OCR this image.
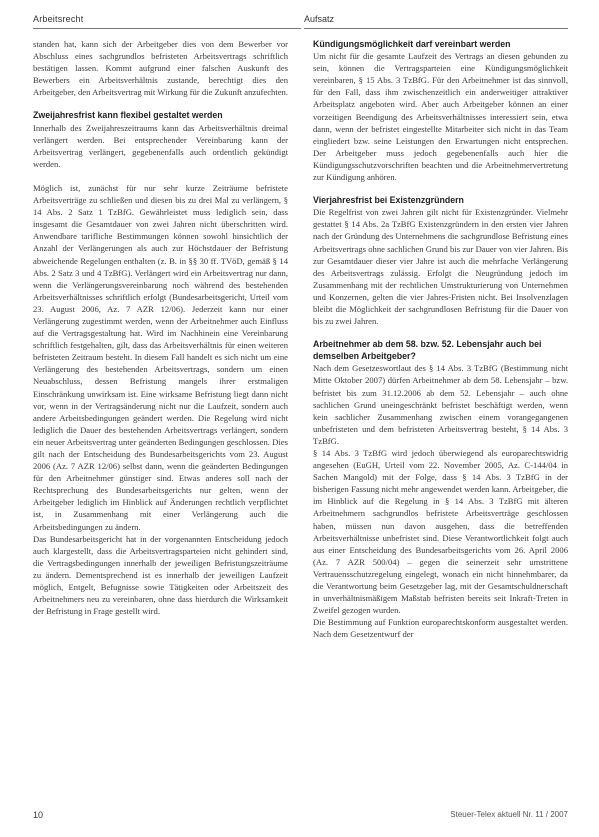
Arbeitsrecht	Aufsatz

standen hat, kann sich der Arbeitgeber dies von dem Bewerber vor Abschluss eines sachgrundlos befristeten Arbeitsvertrags schriftlich bestätigen lassen. Kommt aufgrund einer falschen Auskunft des Bewerbers ein Arbeitsverhältnis zustande, berechtigt dies den Arbeitgeber, den Arbeitsvertrag mit Wirkung für die Zukunft anzufechten.

Zweijahresfrist kann flexibel gestaltet werden

Innerhalb des Zweijahreszeitraums kann das Arbeitsverhältnis dreimal verlängert werden. Bei entsprechender Vereinbarung kann der Arbeitsvertrag verlängert, gegebenenfalls auch ordentlich gekündigt werden.

Möglich ist, zunächst für nur sehr kurze Zeiträume befristete Arbeitsverträge zu schließen und diesen bis zu drei Mal zu verlängern, § 14 Abs. 2 Satz 1 TzBfG. Gewährleistet muss lediglich sein, dass insgesamt die Gesamtdauer von zwei Jahren nicht überschritten wird. Anwendbare tarifliche Bestimmungen können sowohl hinsichtlich der Anzahl der Verlängerungen als auch zur Höchstdauer der Befristung abweichende Regelungen enthalten (z. B. in §§ 30 ff. TVöD, gemäß § 14 Abs. 2 Satz 3 und 4 TzBfG). Verlängert wird ein Arbeitsvertrag nur dann, wenn die Verlängerungsvereinbarung noch während des bestehenden Arbeitsverhältnisses schriftlich erfolgt (Bundesarbeitsgericht, Urteil vom 23. August 2006, Az. 7 AZR 12/06). Jederzeit kann nur einer Verlängerung zugestimmt werden, wenn der Arbeitnehmer auch Einfluss auf die Vertragsgestaltung hat. Wird im Nachhinein eine Vereinbarung schriftlich festgehalten, gilt, dass das Arbeitsverhältnis für einen weiteren befristeten Zeitraum besteht. In diesem Fall handelt es sich nicht um eine Verlängerung des bestehenden Arbeitsvertrags, sondern um einen Neuabschluss, dessen Befristung mangels ihrer erstmaligen Einschränkung unwirksam ist. Eine wirksame Befristung liegt dann nicht vor, wenn in der Vertragsänderung nicht nur die Laufzeit, sondern auch andere Arbeitsbedingungen geändert werden. Die Regelung wird nicht lediglich die Dauer des bestehenden Arbeitsvertrags verlängert, sondern ein neuer Arbeitsvertrag unter geänderten Bedingungen geschlossen. Dies gilt nach der Entscheidung des Bundesarbeitsgerichts vom 23. August 2006 (Az. 7 AZR 12/06) selbst dann, wenn die geänderten Bedingungen für den Arbeitnehmer günstiger sind. Etwas anderes soll nach der Rechtsprechung des Bundesarbeitsgerichts nur gelten, wenn der Arbeitgeber lediglich im Hinblick auf Änderungen rechtlich verpflichtet ist, in Zusammenhang mit einer Verlängerung auch die Arbeitsbedingungen zu ändern.

Das Bundesarbeitsgericht hat in der vorgenannten Entscheidung jedoch auch klargestellt, dass die Arbeitsvertragsparteien nicht gehindert sind, die Vertragsbedingungen innerhalb der jeweiligen Befristungszeiträume zu ändern. Dementsprechend ist es innerhalb der jeweiligen Laufzeit möglich, Entgelt, Befugnisse sowie Tätigkeiten oder Arbeitszeit des Arbeitnehmers neu zu vereinbaren, ohne dass hierdurch die Wirksamkeit der Befristung in Frage gestellt wird.

Kündigungsmöglichkeit darf vereinbart werden

Um nicht für die gesamte Laufzeit des Vertrags an diesen gebunden zu sein, können die Vertragsparteien eine Kündigungsmöglichkeit vereinbaren, § 15 Abs. 3 TzBfG. Für den Arbeitnehmer ist das sinnvoll, für den Fall, dass ihm zwischenzeitlich ein anderweitiger attraktiver Arbeitsplatz angeboten wird. Aber auch Arbeitgeber können an einer vorzeitigen Beendigung des Arbeitsverhältnisses interessiert sein, etwa dann, wenn der befristet eingestellte Mitarbeiter sich nicht in das Team eingliedert bzw. seine Leistungen den Erwartungen nicht entsprechen. Der Arbeitgeber muss jedoch gegebenenfalls auch hier die Kündigungsschutzvorschriften beachten und die Arbeitnehmervertretung zur Kündigung anhören.

Vierjahresfrist bei Existenzgründern

Die Regelfrist von zwei Jahren gilt nicht für Existenzgründer. Vielmehr gestattet § 14 Abs. 2a TzBfG Existenzgründern in den ersten vier Jahren nach der Gründung des Unternehmens die sachgrundlose Befristung eines Arbeitsvertrags ohne sachlichen Grund bis zur Dauer von vier Jahren. Bis zur Gesamtdauer dieser vier Jahre ist auch die mehrfache Verlängerung des Arbeitsvertrags zulässig. Erfolgt die Neugründung jedoch im Zusammenhang mit der rechtlichen Umstrukturierung von Unternehmen und Konzernen, gelten die vier Jahres-Fristen nicht. Bei Insolvenzlagen bleibt die Möglichkeit der sachgrundlosen Befristung für die Dauer von bis zu zwei Jahren.

Arbeitnehmer ab dem 58. bzw. 52. Lebensjahr auch bei demselben Arbeitgeber?

Nach dem Gesetzeswortlaut des § 14 Abs. 3 TzBfG (Bestimmung nicht Mitte Oktober 2007) dürfen Arbeitnehmer ab dem 58. Lebensjahr – bzw. befristet bis zum 31.12.2006 ab dem 52. Lebensjahr – auch ohne sachlichen Grund uneingeschränkt befristet beschäftigt werden, wenn kein sachlicher Zusammenhang zwischen einem vorangegangenen unbefristeten und dem befristeten Arbeitsvertrag besteht, § 14 Abs. 3 TzBfG.

§ 14 Abs. 3 TzBfG wird jedoch überwiegend als europarechtswidrig angesehen (EuGH, Urteil vom 22. November 2005, Az. C-144/04 in Sachen Mangold) mit der Folge, dass § 14 Abs. 3 TzBfG in der bisherigen Fassung nicht mehr angewendet werden kann. Arbeitgeber, die im Hinblick auf die Regelung in § 14 Abs. 3 TzBfG mit älteren Arbeitnehmern sachgrundlos befristete Arbeitsverträge geschlossen haben, müssen nun davon ausgehen, dass die betreffenden Arbeitsverhältnisse unbefristet sind. Diese Verantwortlichkeit folgt auch aus einer Entscheidung des Bundesarbeitsgerichts vom 26. April 2006 (Az. 7 AZR 500/04) – gegen die seinerzeit sehr umstrittene Vertrauensschutzregelung eingelegt, wonach ein nicht hinnehmbarer, da die Verantwortung beim Gesetzgeber lag, mit der Gesamtschuldnerschaft in unverhältnismäßigem Maßstab befristen bereits seit Inkraft-Treten in Zweifel gezogen wurden.

Die Bestimmung auf Funktion europarechtskonform ausgestaltet werden. Nach dem Gesetzentwurf der

10	Steuer-Telex aktuell Nr. 11 / 2007
